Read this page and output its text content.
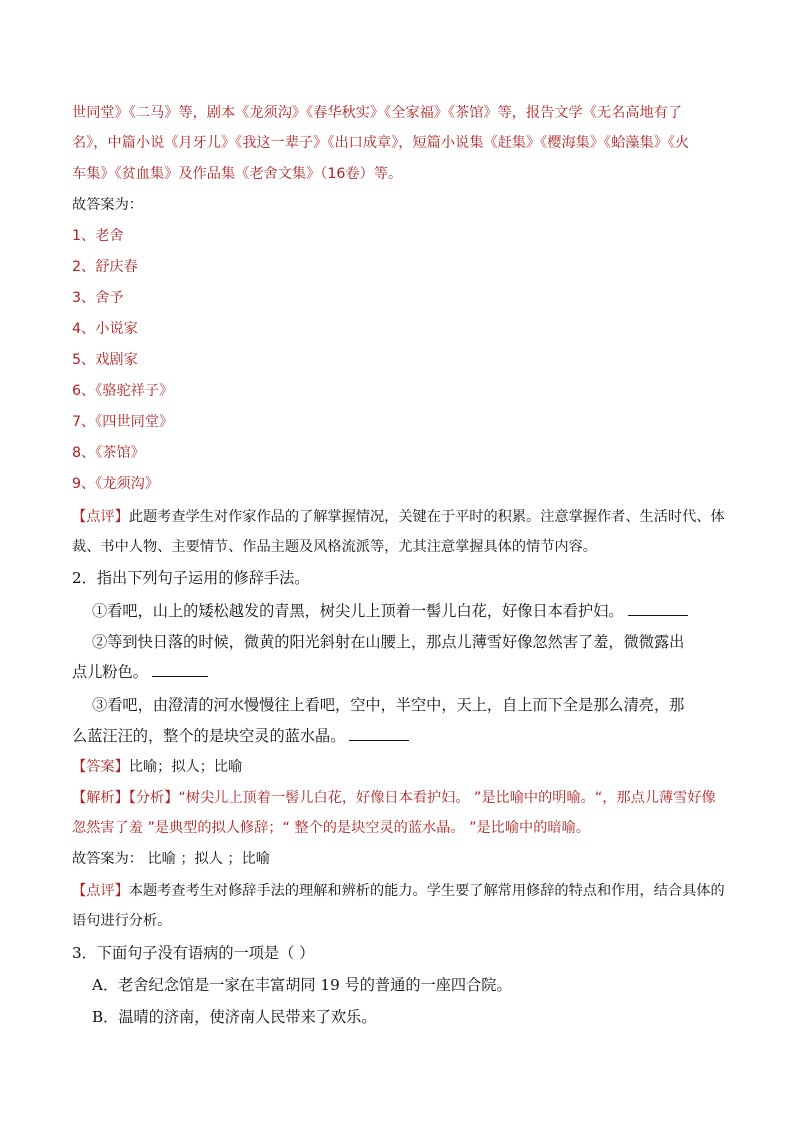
世同堂》《二马》等，剧本《龙须沟》《春华秋实》《全家福》《茶馆》等，报告文学《无名高地有了
名》，中篇小说《月牙儿》《我这一辈子》《出口成章》，短篇小说集《赶集》《樱海集》《蛤藻集》《火
车集》《贫血集》及作品集《老舍文集》（16卷）等。
故答案为：
1、老舍
2、舒庆春
3、舍予
4、小说家
5、戏剧家
6、《骆驼祥子》
7、《四世同堂》
8、《茶馆》
9、《龙须沟》
【点评】此题考查学生对作家作品的了解掌握情况，关键在于平时的积累。注意掌握作者、生活时代、体
裁、书中人物、主要情节、作品主题及风格流派等，尤其注意掌握具体的情节内容。
2．指出下列句子运用的修辞手法。
①看吧，山上的矮松越发的青黑，树尖儿上顶着一髻儿白花，好像日本看护妇。
②等到快日落的时候，微黄的阳光斜射在山腰上，那点儿薄雪好像忽然害了羞，微微露出
点儿粉色。
③看吧，由澄清的河水慢慢往上看吧，空中，半空中，天上，自上而下全是那么清亮，那
么蓝汪汪的，整个的是块空灵的蓝水晶。
【答案】比喻；拟人；比喻
【解析】【分析】“树尖儿上顶着一髻儿白花，好像日本看护妇。 ”是比喻中的明喻。“，那点儿薄雪好像
忽然害了羞 ”是典型的拟人修辞；“ 整个的是块空灵的蓝水晶。 ”是比喻中的暗喻。
故答案为： 比喻 ；拟人 ；比喻
【点评】本题考查考生对修辞手法的理解和辨析的能力。学生要了解常用修辞的特点和作用，结合具体的
语句进行分析。
3．下面句子没有语病的一项是（ ）
A．老舍纪念馆是一家在丰富胡同 19 号的普通的一座四合院。
B．温晴的济南，使济南人民带来了欢乐。
